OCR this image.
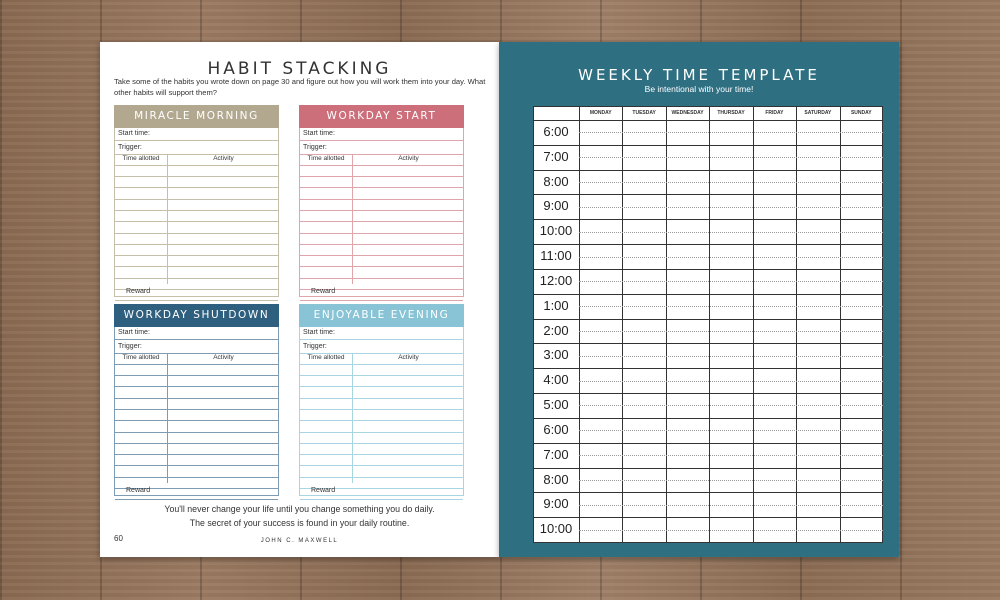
HABIT STACKING
Take some of the habits you wrote down on page 30 and figure out how you will work them into your day. What other habits will support them?
MIRACLE MORNING
Start time:
Trigger:
Time allotted	Activity
Reward
WORKDAY START
Start time:
Trigger:
Time allotted	Activity
Reward
WORKDAY SHUTDOWN
Start time:
Trigger:
Time allotted	Activity
Reward
ENJOYABLE EVENING
Start time:
Trigger:
Time allotted	Activity
Reward
You'll never change your life until you change something you do daily.
The secret of your success is found in your daily routine.
60	JOHN C. MAXWELL
WEEKLY TIME TEMPLATE
Be intentional with your time!
MONDAY	TUESDAY	WEDNESDAY	THURSDAY	FRIDAY	SATURDAY	SUNDAY
6:00
7:00
8:00
9:00
10:00
11:00
12:00
1:00
2:00
3:00
4:00
5:00
6:00
7:00
8:00
9:00
10:00
